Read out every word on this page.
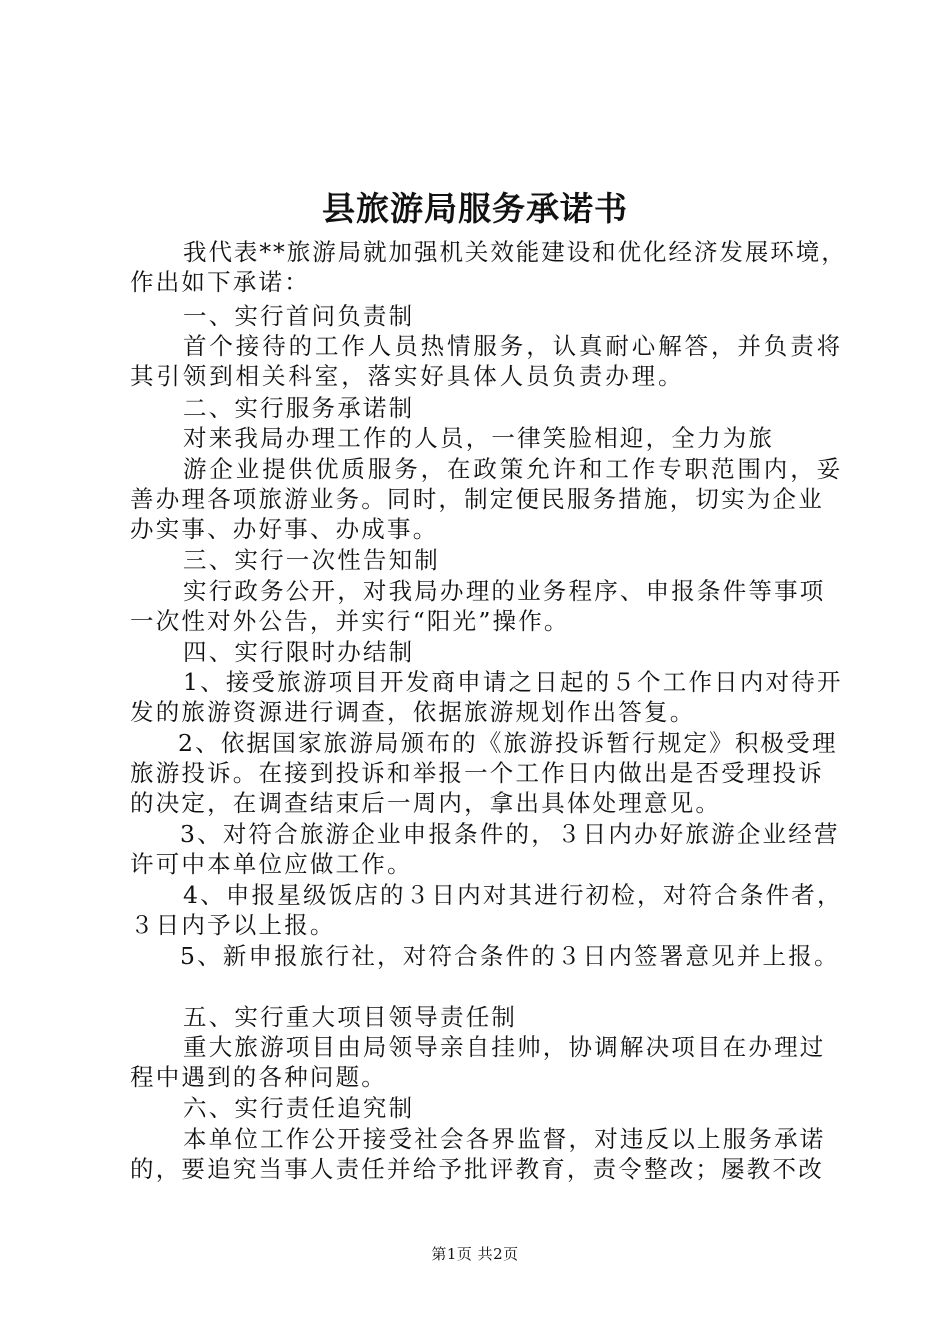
县旅游局服务承诺书
我代表**旅游局就加强机关效能建设和优化经济发展环境，
作出如下承诺：
一、实行首问负责制
首个接待的工作人员热情服务，认真耐心解答，并负责将
其引领到相关科室，落实好具体人员负责办理。
二、实行服务承诺制
对来我局办理工作的人员，一律笑脸相迎，全力为旅
游企业提供优质服务，在政策允许和工作专职范围内，妥
善办理各项旅游业务。同时，制定便民服务措施，切实为企业
办实事、办好事、办成事。
三、实行一次性告知制
实行政务公开，对我局办理的业务程序、申报条件等事项
一次性对外公告，并实行“阳光”操作。
四、实行限时办结制
1、接受旅游项目开发商申请之日起的５个工作日内对待开
发的旅游资源进行调查，依据旅游规划作出答复。
2、依据国家旅游局颁布的《旅游投诉暂行规定》积极受理
旅游投诉。在接到投诉和举报一个工作日内做出是否受理投诉
的决定，在调查结束后一周内，拿出具体处理意见。
3、对符合旅游企业申报条件的，３日内办好旅游企业经营
许可中本单位应做工作。
4、申报星级饭店的３日内对其进行初检，对符合条件者，
３日内予以上报。
5、新申报旅行社，对符合条件的３日内签署意见并上报。
五、实行重大项目领导责任制
重大旅游项目由局领导亲自挂帅，协调解决项目在办理过
程中遇到的各种问题。
六、实行责任追究制
本单位工作公开接受社会各界监督，对违反以上服务承诺
的，要追究当事人责任并给予批评教育，责令整改；屡教不改
第1页 共2页
